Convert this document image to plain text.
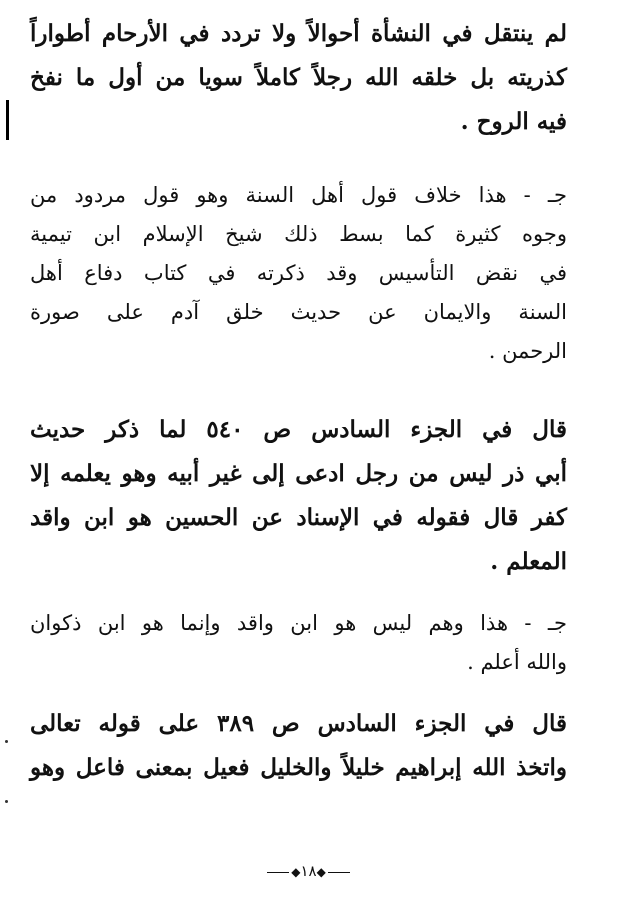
لم ينتقل في النشأة أحوالاً ولا تردد في الأرحام أطواراً
كذريته بل خلقه الله رجلاً كاملاً سويا من أول ما نفخ
فيه الروح .
جـ - هذا خلاف قول أهل السنة وهو قول مردود من
وجوه كثيرة كما بسط ذلك شيخ الإسلام ابن تيمية
في نقض التأسيس وقد ذكرته في كتاب دفاع أهل
السنة والايمان عن حديث خلق آدم على صورة
الرحمن .
قال في الجزء السادس ص ٥٤٠ لما ذكر حديث
أبي ذر ليس من رجل ادعى إلى غير أبيه وهو يعلمه إلا
كفر قال فقوله في الإسناد عن الحسين هو ابن واقد
المعلم .
جـ - هذا وهم ليس هو ابن واقد وإنما هو ابن ذكوان
والله أعلم .
قال في الجزء السادس ص ٣٨٩ على قوله تعالى
واتخذ الله إبراهيم خليلاً والخليل فعيل بمعنى فاعل وهو
◆١٨◆
